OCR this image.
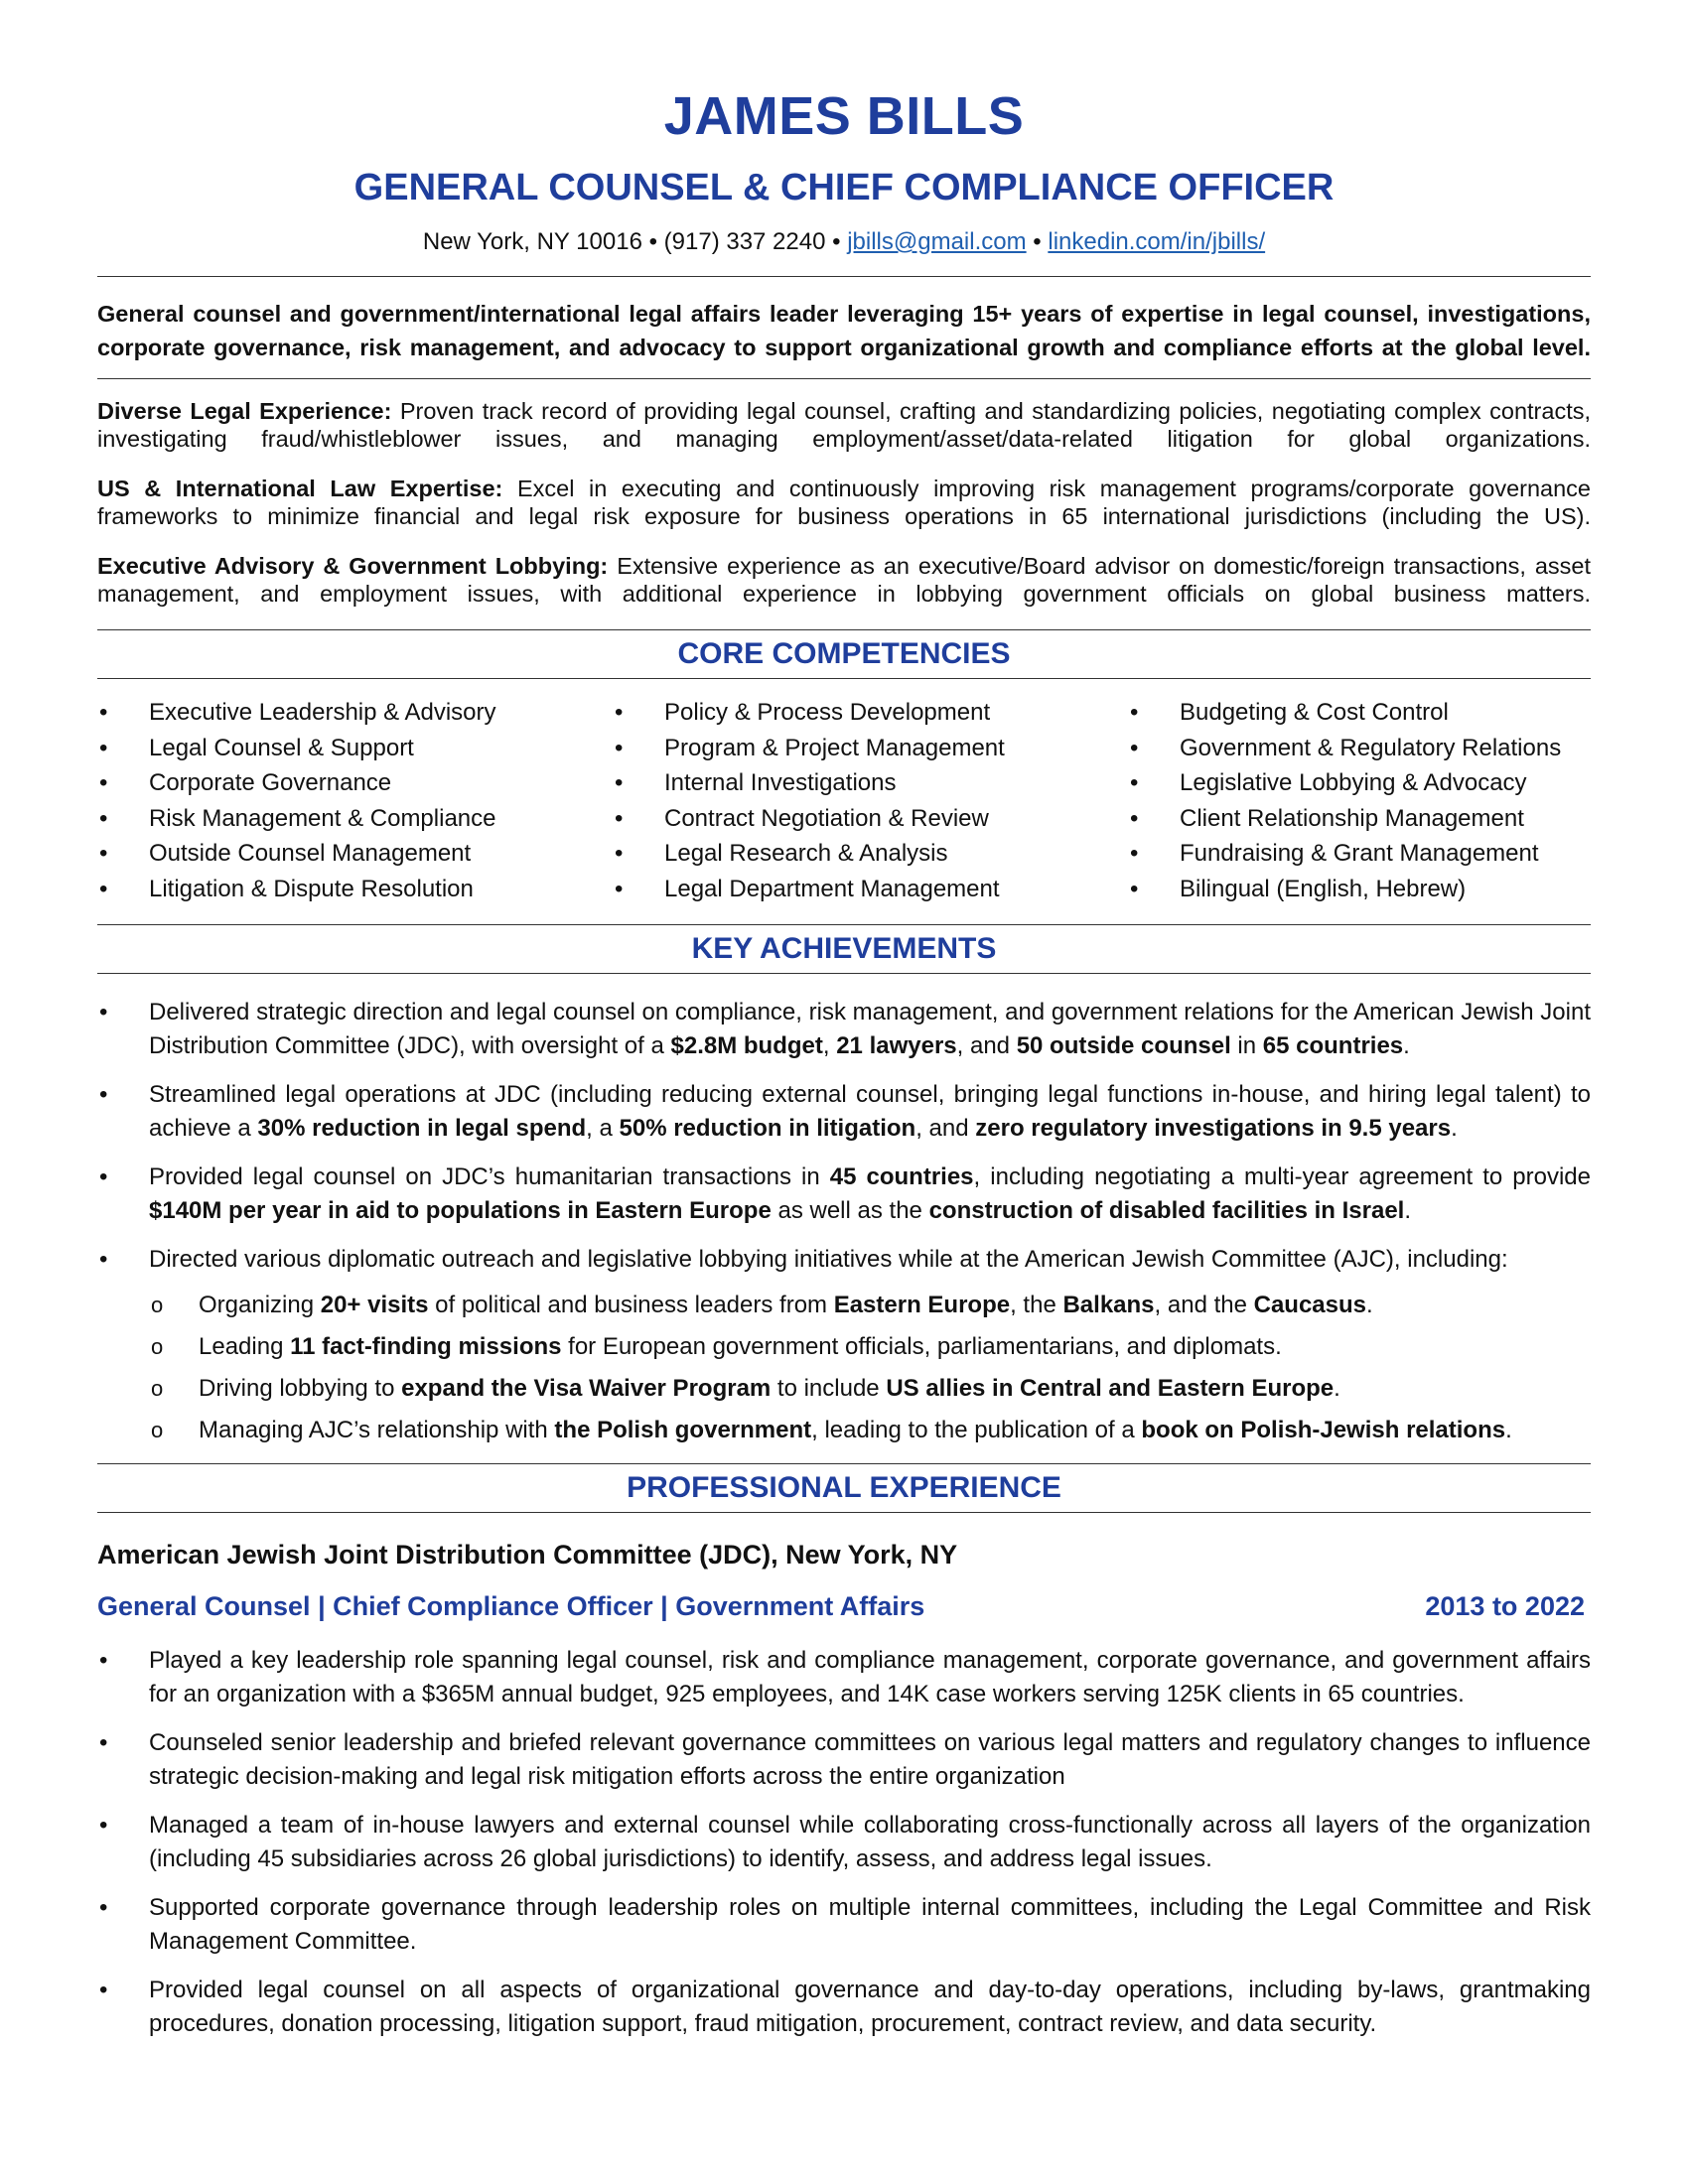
JAMES BILLS
GENERAL COUNSEL & CHIEF COMPLIANCE OFFICER
New York, NY 10016 • (917) 337 2240 • jbills@gmail.com • linkedin.com/in/jbills/

General counsel and government/international legal affairs leader leveraging 15+ years of expertise in legal counsel, investigations, corporate governance, risk management, and advocacy to support organizational growth and compliance efforts at the global level.

Diverse Legal Experience: Proven track record of providing legal counsel, crafting and standardizing policies, negotiating complex contracts, investigating fraud/whistleblower issues, and managing employment/asset/data-related litigation for global organizations.

US & International Law Expertise: Excel in executing and continuously improving risk management programs/corporate governance frameworks to minimize financial and legal risk exposure for business operations in 65 international jurisdictions (including the US).

Executive Advisory & Government Lobbying: Extensive experience as an executive/Board advisor on domestic/foreign transactions, asset management, and employment issues, with additional experience in lobbying government officials on global business matters.

CORE COMPETENCIES
• Executive Leadership & Advisory
• Legal Counsel & Support
• Corporate Governance
• Risk Management & Compliance
• Outside Counsel Management
• Litigation & Dispute Resolution
• Policy & Process Development
• Program & Project Management
• Internal Investigations
• Contract Negotiation & Review
• Legal Research & Analysis
• Legal Department Management
• Budgeting & Cost Control
• Government & Regulatory Relations
• Legislative Lobbying & Advocacy
• Client Relationship Management
• Fundraising & Grant Management
• Bilingual (English, Hebrew)
KEY ACHIEVEMENTS
• Delivered strategic direction and legal counsel on compliance, risk management, and government relations for the American Jewish Joint Distribution Committee (JDC), with oversight of a $2.8M budget, 21 lawyers, and 50 outside counsel in 65 countries.
• Streamlined legal operations at JDC (including reducing external counsel, bringing legal functions in-house, and hiring legal talent) to achieve a 30% reduction in legal spend, a 50% reduction in litigation, and zero regulatory investigations in 9.5 years.
• Provided legal counsel on JDC’s humanitarian transactions in 45 countries, including negotiating a multi-year agreement to provide $140M per year in aid to populations in Eastern Europe as well as the construction of disabled facilities in Israel.
• Directed various diplomatic outreach and legislative lobbying initiatives while at the American Jewish Committee (AJC), including:
o Organizing 20+ visits of political and business leaders from Eastern Europe, the Balkans, and the Caucasus.
o Leading 11 fact-finding missions for European government officials, parliamentarians, and diplomats.
o Driving lobbying to expand the Visa Waiver Program to include US allies in Central and Eastern Europe.
o Managing AJC’s relationship with the Polish government, leading to the publication of a book on Polish-Jewish relations.
PROFESSIONAL EXPERIENCE

American Jewish Joint Distribution Committee (JDC), New York, NY

General Counsel | Chief Compliance Officer | Government Affairs	2013 to 2022
• Played a key leadership role spanning legal counsel, risk and compliance management, corporate governance, and government affairs for an organization with a $365M annual budget, 925 employees, and 14K case workers serving 125K clients in 65 countries.
• Counseled senior leadership and briefed relevant governance committees on various legal matters and regulatory changes to influence strategic decision-making and legal risk mitigation efforts across the entire organization
• Managed a team of in-house lawyers and external counsel while collaborating cross-functionally across all layers of the organization (including 45 subsidiaries across 26 global jurisdictions) to identify, assess, and address legal issues.
• Supported corporate governance through leadership roles on multiple internal committees, including the Legal Committee and Risk Management Committee.
• Provided legal counsel on all aspects of organizational governance and day-to-day operations, including by-laws, grantmaking procedures, donation processing, litigation support, fraud mitigation, procurement, contract review, and data security.
